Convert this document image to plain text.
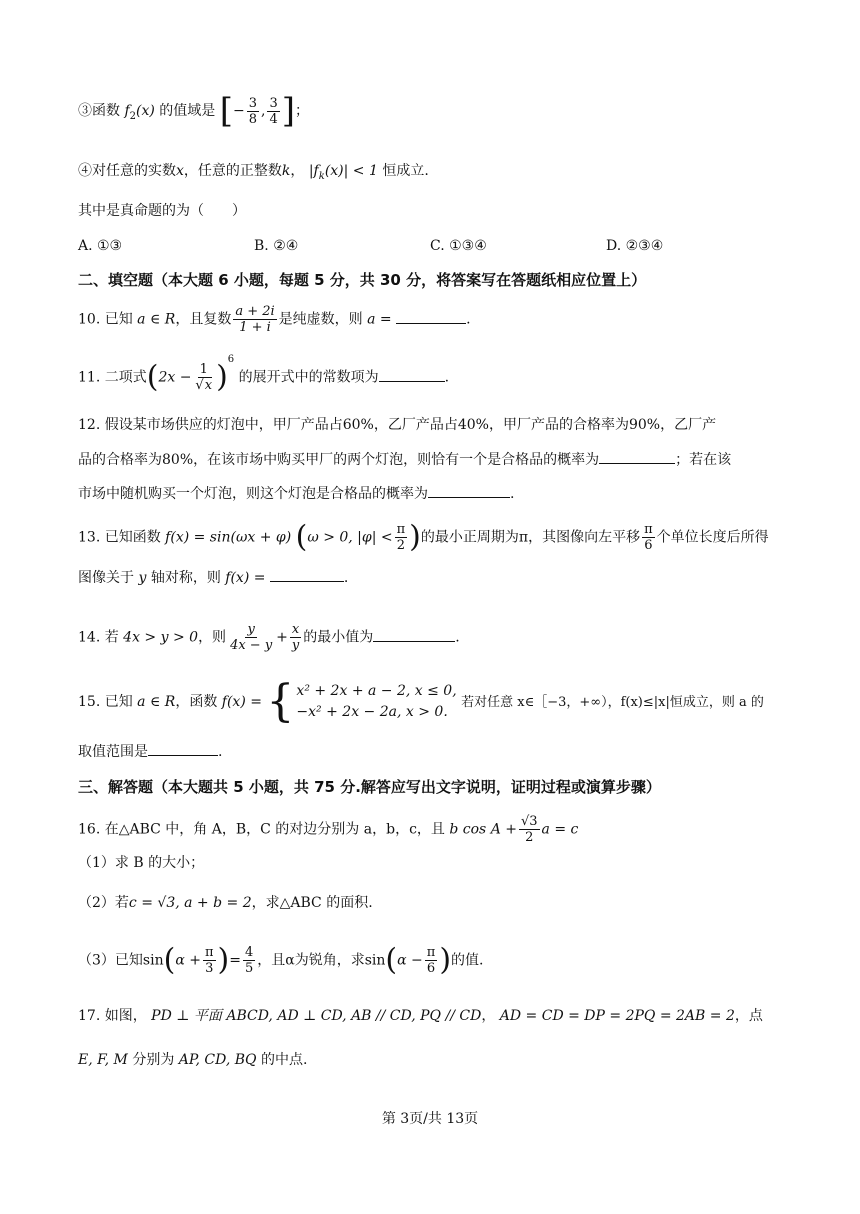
③函数 $f_2(x)$ 的值域是 [− $\frac{3}{8}$ , $\frac{3}{4}$ ]；
④对任意的实数x，任意的正整数k， $|f_k(x)| < 1$ 恒成立.
其中是真命题的为（　　）
A. ①③	B. ②④	C. ①③④	D. ②③④
二、填空题（本大题 6 小题，每题 5 分，共 30 分，将答案写在答题纸相应位置上）
10. 已知 a ∈ R，且复数 $\frac{a + 2i}{1 + i}$ 是纯虚数，则 a =	.
11. 二项式$(2x - \frac{1}{√x} )^6$ 的展开式中的常数项为	.
12. 假设某市场供应的灯泡中，甲厂产品占60%，乙厂产品占40%，甲厂产品的合格率为90%，乙厂产
品的合格率为80%，在该市场中购买甲厂的两个灯泡，则恰有一个是合格品的概率为	；若在该
市场中随机购买一个灯泡，则这个灯泡是合格品的概率为	.
13. 已知函数 f(x) = sin(ωx + φ) (ω > 0, $|\varphi| < \frac{\pi}{2}$ )的最小正周期为π，其图像向左平移 $\frac{\pi}{6}$ 个单位长度后所得
图像关于 y 轴对称，则 f(x) =	.
14. 若 4x > y > 0，则 $\frac{y}{4x - y} + \frac{x}{y}$ 的最小值为	.
15. 已知 a ∈ R，函数 f(x) = { x² + 2x + a − 2, x ≤ 0,
−x² + 2x − 2a, x > 0.
若对任意 x∈［−3，+∞），f(x)≤|x|恒成立，则 a 的
取值范围是	.
三、解答题（本大题共 5 小题，共 75 分.解答应写出文字说明，证明过程或演算步骤）
16. 在△ABC 中，角 A，B，C 的对边分别为 a，b，c，且 b $\cos A + \frac{√3}{2}$ a = c
（1）求 B 的大小；
（2）若c = √3, a + b = 2，求△ABC 的面积.
（3）已知$\sin(\alpha + \frac{\pi}{3}$ )= $\frac{4}{5}$ ，且α为锐角，求$\sin(\alpha - \frac{\pi}{6}$ )的值.
17. 如图， PD ⊥ 平面 ABCD, AD ⊥ CD, AB // CD, PQ // CD， AD = CD = DP = 2PQ = 2AB = 2，点
E, F, M 分别为 AP, CD, BQ 的中点.
第 3页/共 13页
